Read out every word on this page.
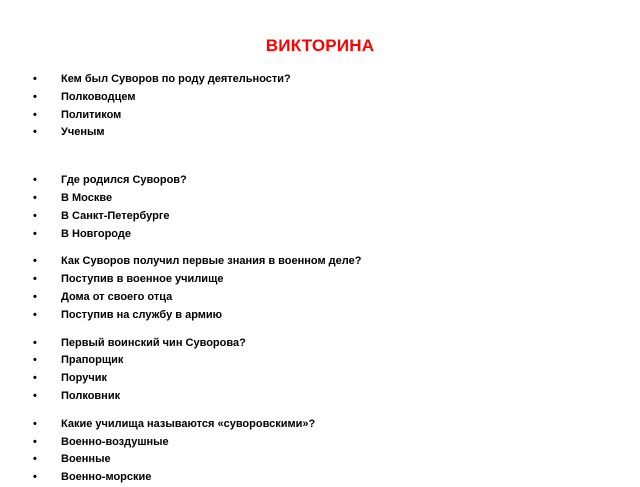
ВИКТОРИНА
• Кем был Суворов по роду деятельности?
• Полководцем
• Политиком
• Ученым
• Где родился Суворов?
• В Москве
• В Санкт-Петербурге
• В Новгороде
• Как Суворов получил первые знания в военном деле?
• Поступив в военное училище
• Дома от своего отца
• Поступив на службу в армию
• Первый воинский чин Суворова?
• Прапорщик
• Поручик
• Полковник
• Какие училища называются «суворовскими»?
• Военно-воздушные
• Военные
• Военно-морские
